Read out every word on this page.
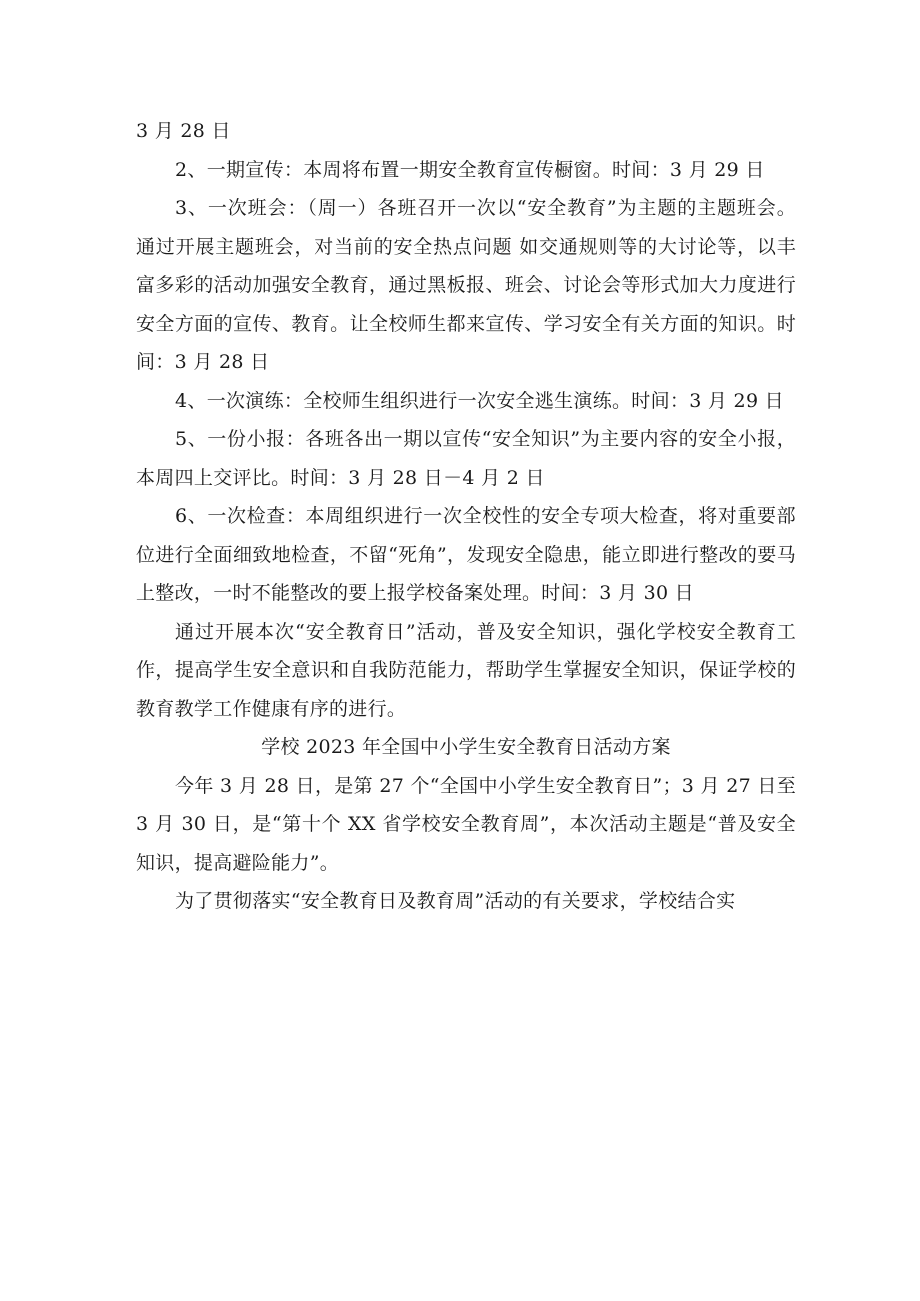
3 月 28 日

2、一期宣传：本周将布置一期安全教育宣传橱窗。时间：3 月 29 日

3、一次班会：（周一）各班召开一次以“安全教育”为主题的主题班会。通过开展主题班会，对当前的安全热点问题 如交通规则等的大讨论等，以丰富多彩的活动加强安全教育，通过黑板报、班会、讨论会等形式加大力度进行安全方面的宣传、教育。让全校师生都来宣传、学习安全有关方面的知识。时间：3 月 28 日

4、一次演练：全校师生组织进行一次安全逃生演练。时间：3 月 29 日

5、一份小报：各班各出一期以宣传“安全知识”为主要内容的安全小报，本周四上交评比。时间：3 月 28 日－4 月 2 日

6、一次检查：本周组织进行一次全校性的安全专项大检查，将对重要部位进行全面细致地检查，不留“死角”，发现安全隐患，能立即进行整改的要马上整改，一时不能整改的要上报学校备案处理。时间：3 月 30 日

通过开展本次“安全教育日”活动，普及安全知识，强化学校安全教育工作，提高学生安全意识和自我防范能力，帮助学生掌握安全知识，保证学校的教育教学工作健康有序的进行。

学校 2023 年全国中小学生安全教育日活动方案

今年 3 月 28 日，是第 27 个“全国中小学生安全教育日”；3 月 27 日至 3 月 30 日，是“第十个 XX 省学校安全教育周”，本次活动主题是“普及安全知识，提高避险能力”。

为了贯彻落实“安全教育日及教育周”活动的有关要求，学校结合实
